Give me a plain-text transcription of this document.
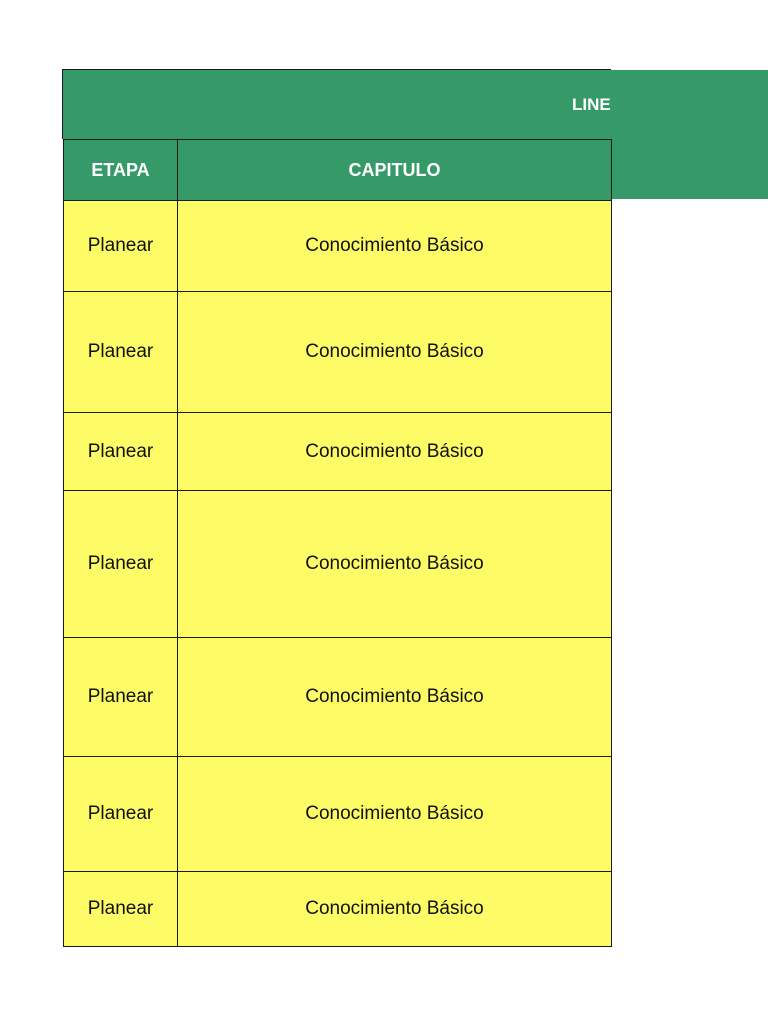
LINE
ETAPA	CAPITULO
Planear	Conocimiento Básico
Planear	Conocimiento Básico
Planear	Conocimiento Básico
Planear	Conocimiento Básico
Planear	Conocimiento Básico
Planear	Conocimiento Básico
Planear	Conocimiento Básico
